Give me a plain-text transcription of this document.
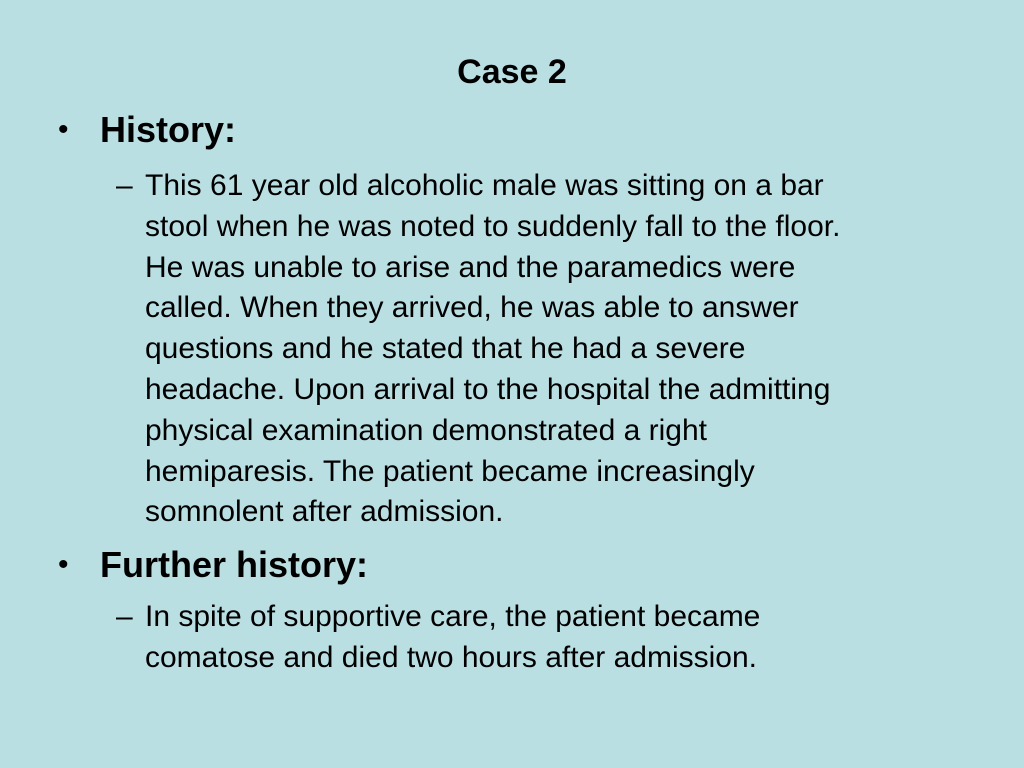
Case 2
• History:
– This 61 year old alcoholic male was sitting on a bar
stool when he was noted to suddenly fall to the floor.
He was unable to arise and the paramedics were
called. When they arrived, he was able to answer
questions and he stated that he had a severe
headache. Upon arrival to the hospital the admitting
physical examination demonstrated a right
hemiparesis. The patient became increasingly
somnolent after admission.
• Further history:
– In spite of supportive care, the patient became
comatose and died two hours after admission.
